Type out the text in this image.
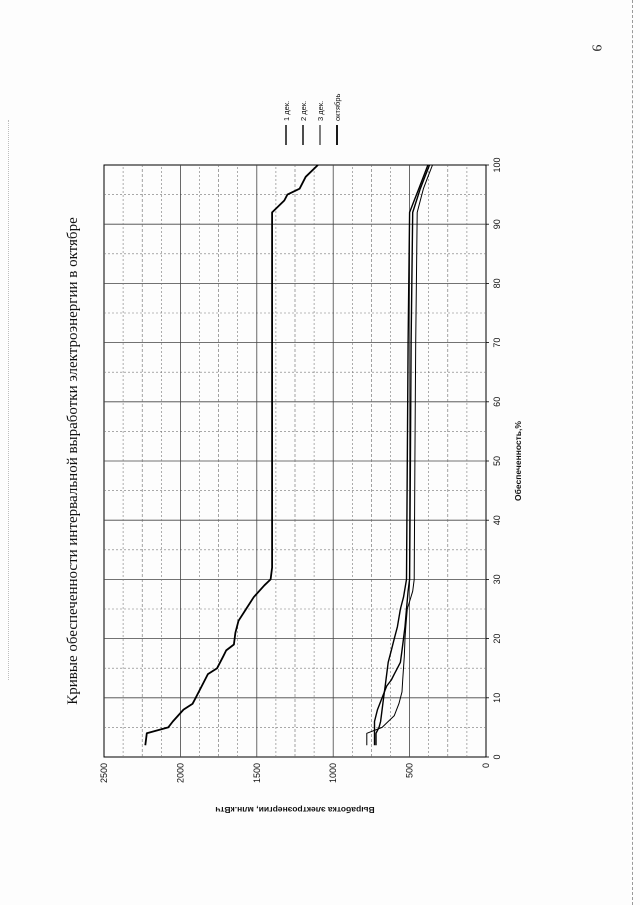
9
Кривые обеспеченности интервальной выработки электроэнергии в октябре
0
10
20
30
40
50
60
70
80
90
100
0
500
1000
1500
2000
2500
Обеспеченность,%
Выработка электроэнергии, млн.кВтч
1 дек. 2 дек. 3 дек. октябрь
